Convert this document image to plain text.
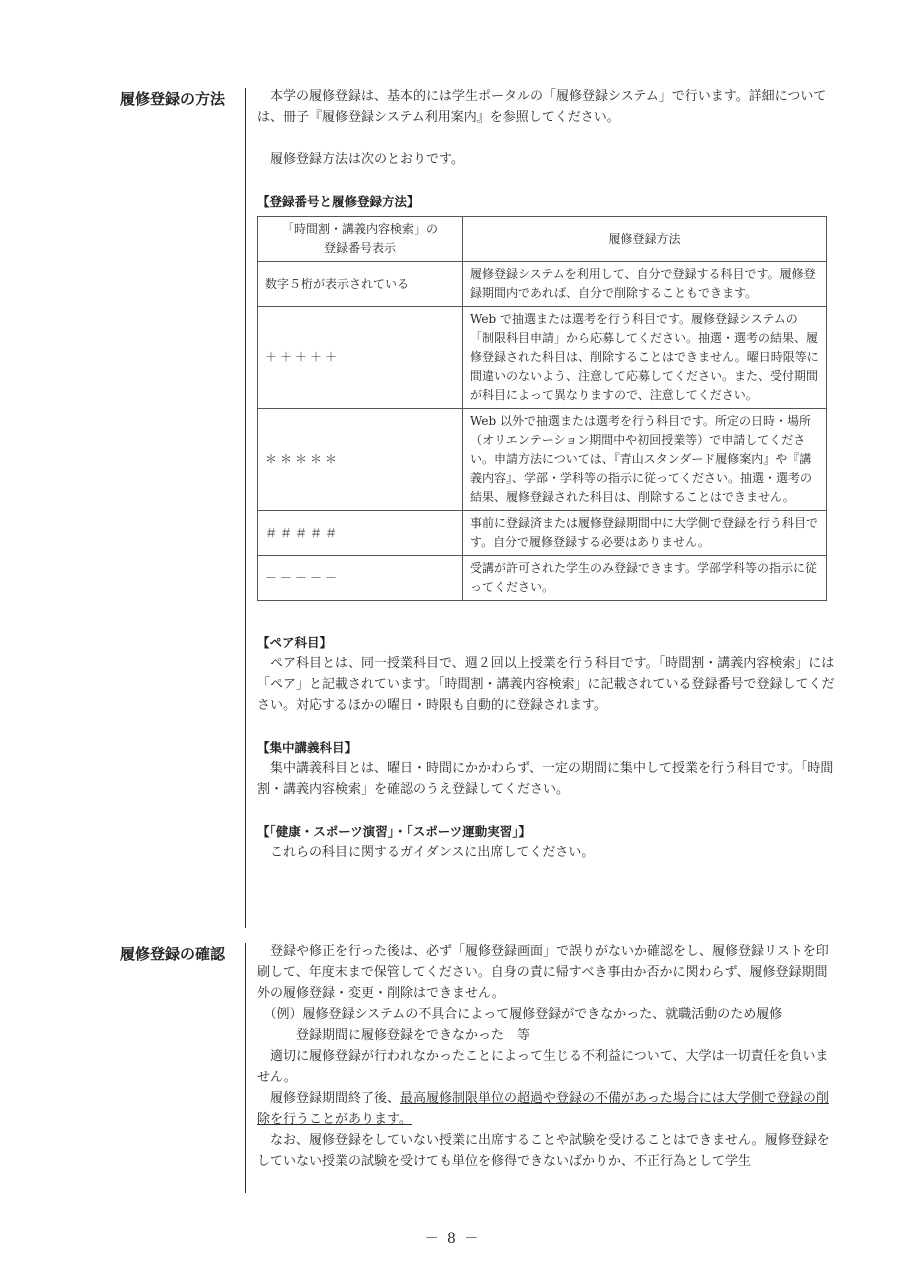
履修登録の方法	本学の履修登録は、基本的には学生ポータルの「履修登録システム」で行います。詳細については、冊子『履修登録システム利用案内』を参照してください。

履修登録方法は次のとおりです。

【登録番号と履修登録方法】
「時間割・講義内容検索」の
登録番号表示	履修登録方法
数字５桁が表示されている	履修登録システムを利用して、自分で登録する科目です。履修登録期間内であれば、自分で削除することもできます。
＋＋＋＋＋	Web で抽選または選考を行う科目です。履修登録システムの「制限科目申請」から応募してください。抽選・選考の結果、履修登録された科目は、削除することはできません。曜日時限等に間違いのないよう、注意して応募してください。また、受付期間が科目によって異なりますので、注意してください。
＊＊＊＊＊	Web 以外で抽選または選考を行う科目です。所定の日時・場所（オリエンテーション期間中や初回授業等）で申請してください。申請方法については、『青山スタンダード履修案内』や『講義内容』、学部・学科等の指示に従ってください。抽選・選考の結果、履修登録された科目は、削除することはできません。
＃＃＃＃＃	事前に登録済または履修登録期間中に大学側で登録を行う科目です。自分で履修登録する必要はありません。
－－－－－	受講が許可された学生のみ登録できます。学部学科等の指示に従ってください。
【ペア科目】

ペア科目とは、同一授業科目で、週２回以上授業を行う科目です。「時間割・講義内容検索」には「ペア」と記載されています。「時間割・講義内容検索」に記載されている登録番号で登録してください。対応するほかの曜日・時限も自動的に登録されます。

【集中講義科目】

集中講義科目とは、曜日・時間にかかわらず、一定の期間に集中して授業を行う科目です。「時間割・講義内容検索」を確認のうえ登録してください。

【「健康・スポーツ演習」・「スポーツ運動実習」】

これらの科目に関するガイダンスに出席してください。

履修登録の確認	登録や修正を行った後は、必ず「履修登録画面」で誤りがないか確認をし、履修登録リストを印刷して、年度末まで保管してください。自身の責に帰すべき事由か否かに関わらず、履修登録期間外の履修登録・変更・削除はできません。

（例）履修登録システムの不具合によって履修登録ができなかった、就職活動のため履修

登録期間に履修登録をできなかった　等

適切に履修登録が行われなかったことによって生じる不利益について、大学は一切責任を負いません。

履修登録期間終了後、最高履修制限単位の超過や登録の不備があった場合には大学側で登録の削除を行うことがあります。

なお、履修登録をしていない授業に出席することや試験を受けることはできません。履修登録をしていない授業の試験を受けても単位を修得できないばかりか、不正行為として学生

－ 8 －
